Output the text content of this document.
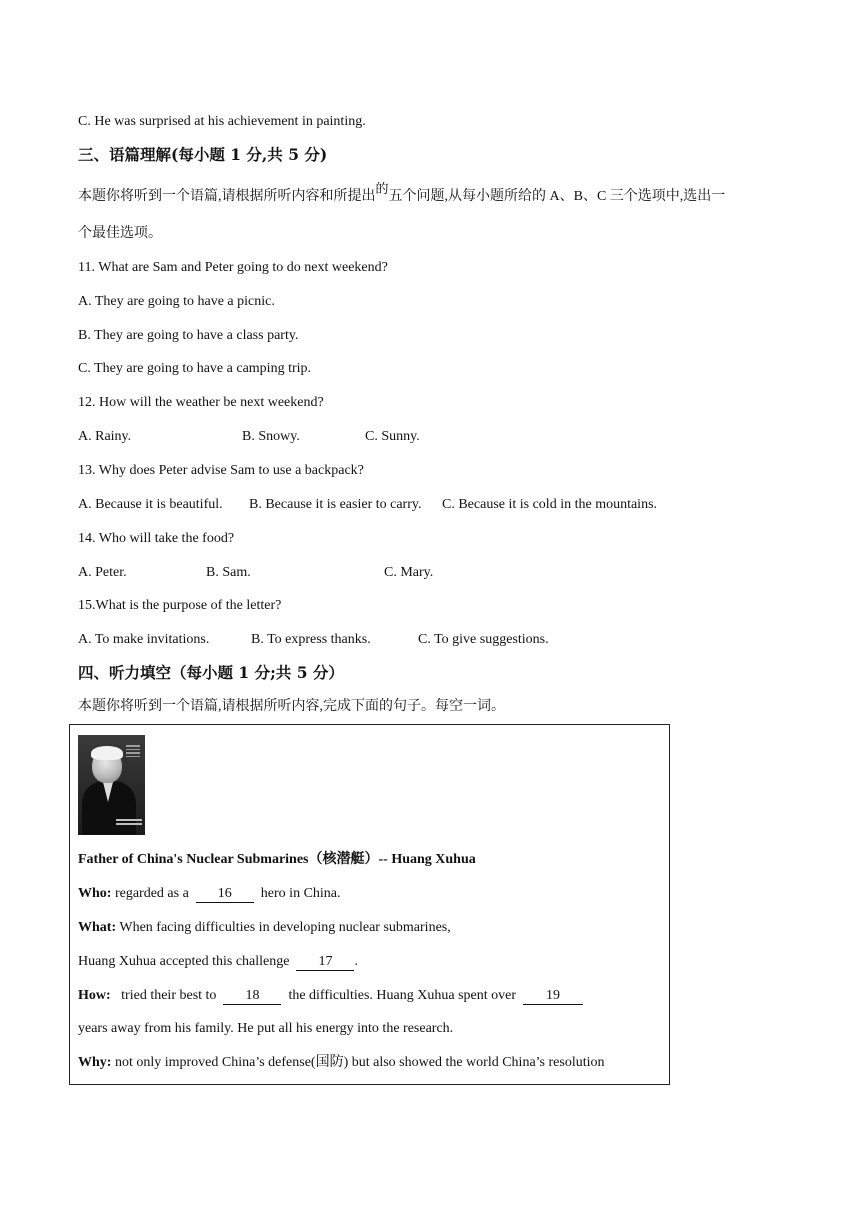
C. He was surprised at his achievement in painting.
三、语篇理解(每小题 1 分,共 5 分)
本题你将听到一个语篇,请根据所听内容和所提出的五个问题,从每小题所给的 A、B、C 三个选项中,选出一
个最佳选项。
11. What are Sam and Peter going to do next weekend?
A. They are going to have a picnic.
B. They are going to have a class party.
C. They are going to have a camping trip.
12. How will the weather be next weekend?
A. Rainy.	B. Snowy.	C. Sunny.
13. Why does Peter advise Sam to use a backpack?
A. Because it is beautiful. B. Because it is easier to carry. C. Because it is cold in the mountains.
14. Who will take the food?
A. Peter.	B. Sam.	C. Mary.
15.What is the purpose of the letter?
A. To make invitations.	B. To express thanks.	C. To give suggestions.
四、听力填空（每小题 1 分;共 5 分）
本题你将听到一个语篇,请根据所听内容,完成下面的句子。每空一词。
Father of China's Nuclear Submarines（核潜艇）-- Huang Xuhua
Who: regarded as a 16 hero in China.
What: When facing difficulties in developing nuclear submarines,
Huang Xuhua accepted this challenge 17 .
How: tried their best to 18 the difficulties. Huang Xuhua spent over 19
years away from his family. He put all his energy into the research.
Why: not only improved China’s defense(国防) but also showed the world China’s resolution
